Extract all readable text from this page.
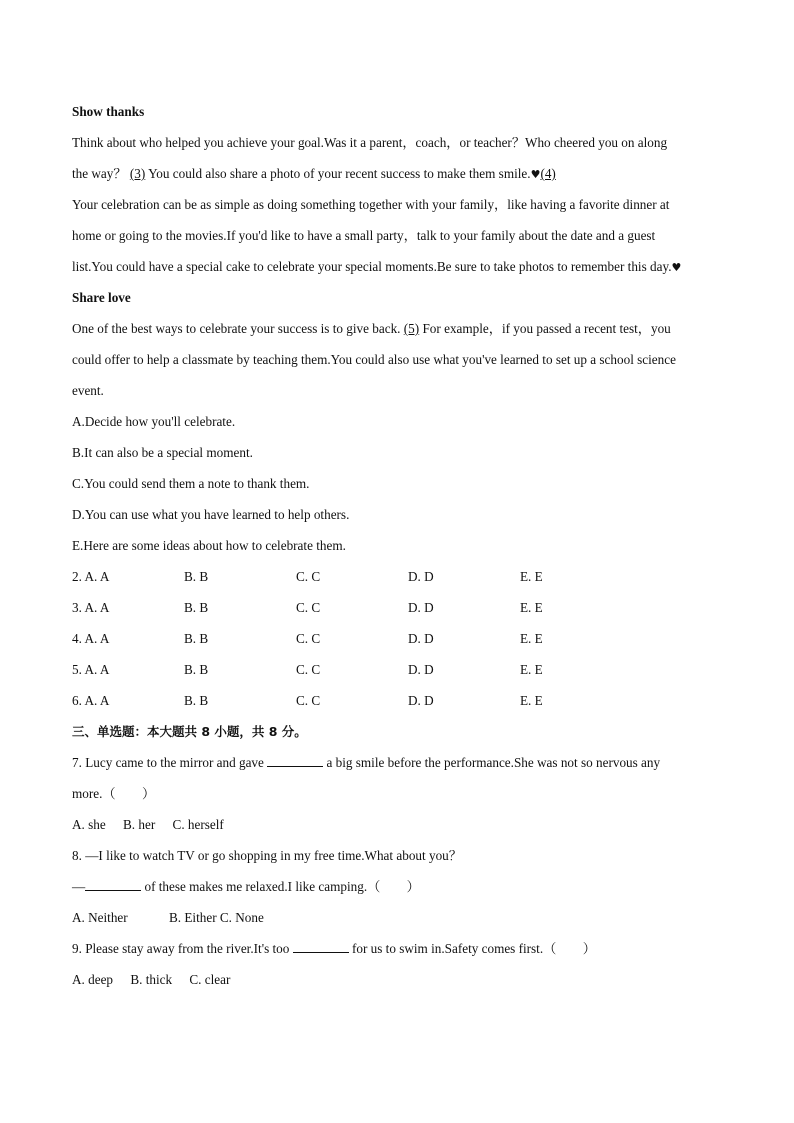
Show thanks
Think about who helped you achieve your goal.Was it a parent，coach，or teacher？Who cheered you on along
the way？ (3) You could also share a photo of your recent success to make them smile.♥(4)
Your celebration can be as simple as doing something together with your family，like having a favorite dinner at
home or going to the movies.If you'd like to have a small party，talk to your family about the date and a guest
list.You could have a special cake to celebrate your special moments.Be sure to take photos to remember this day.♥
Share love
One of the best ways to celebrate your success is to give back. (5) For example，if you passed a recent test，you
could offer to help a classmate by teaching them.You could also use what you've learned to set up a school science
event.
A.Decide how you'll celebrate.
B.It can also be a special moment.
C.You could send them a note to thank them.
D.You can use what you have learned to help others.
E.Here are some ideas about how to celebrate them.
2. A. A	B. B	C. C	D. D	E. E
3. A. A	B. B	C. C	D. D	E. E
4. A. A	B. B	C. C	D. D	E. E
5. A. A	B. B	C. C	D. D	E. E
6. A. A	B. B	C. C	D. D	E. E
三、单选题：本大题共 8 小题，共 8 分。
7. Lucy came to the mirror and gave	a big smile before the performance.She was not so nervous any
more.（　　）
A. she B. her C. herself
8. —I like to watch TV or go shopping in my free time.What about you？
—	of these makes me relaxed.I like camping.（　　）
A. Neither	B. Either C. None
9. Please stay away from the river.It's too	for us to swim in.Safety comes first.（　　）
A. deep B. thick C. clear
